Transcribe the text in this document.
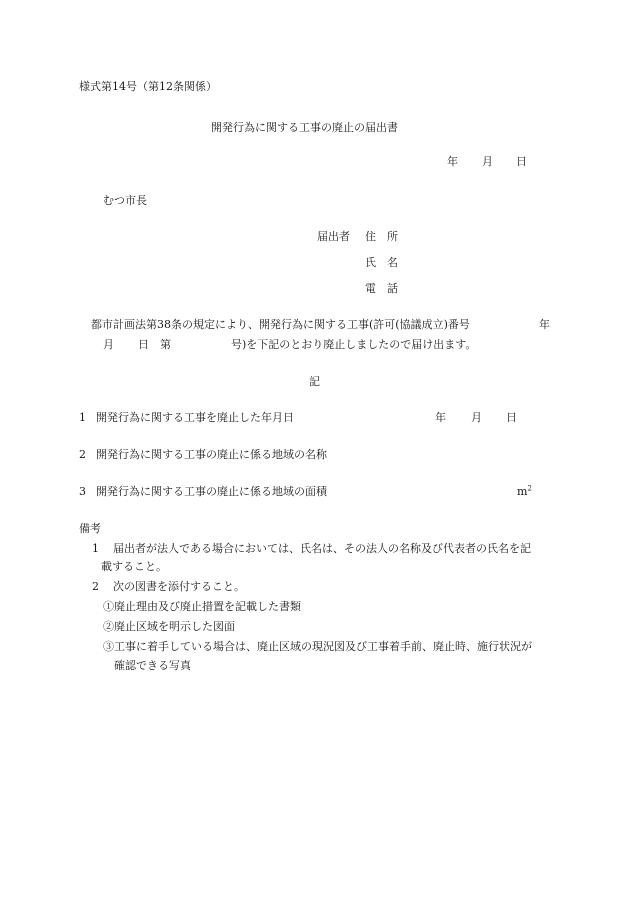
様式第14号（第12条関係）
開発行為に関する工事の廃止の届出書
年 月 日
むつ市長
届出者 住　所
氏　名
電　話
都市計画法第38条の規定により、開発行為に関する工事(許可(協議成立)番号	年
月 日 第	号)を下記のとおり廃止しましたので届け出ます。
記
1 開発行為に関する工事を廃止した年月日	年 月 日
2 開発行為に関する工事の廃止に係る地域の名称
3 開発行為に関する工事の廃止に係る地域の面積	$m^2$
備考
1 届出者が法人である場合においては、氏名は、その法人の名称及び代表者の氏名を記
載すること。
2 次の図書を添付すること。
①廃止理由及び廃止措置を記載した書類
②廃止区域を明示した図面
③工事に着手している場合は、廃止区域の現況図及び工事着手前、廃止時、施行状況が
確認できる写真
